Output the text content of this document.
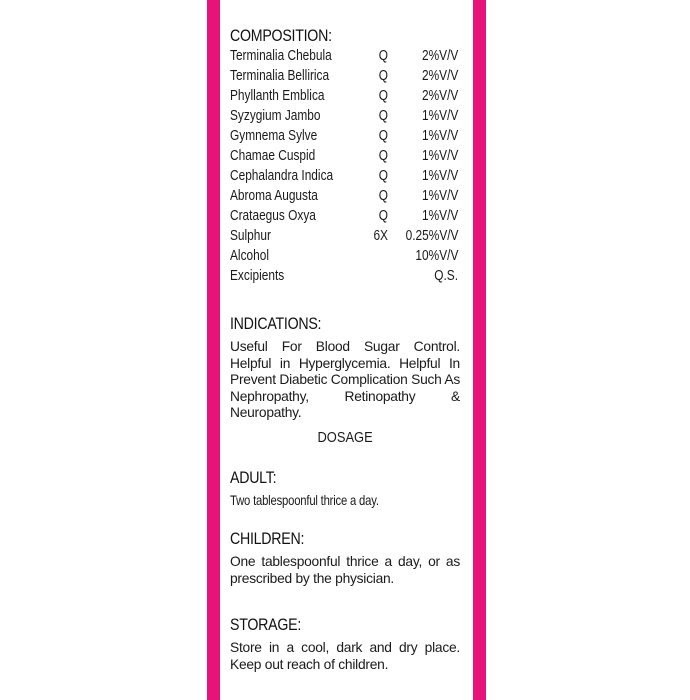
COMPOSITION:
Terminalia Chebula	Q 2%V/V
Terminalia Bellirica	Q 2%V/V
Phyllanth Emblica	Q 2%V/V
Syzygium Jambo	Q 1%V/V
Gymnema Sylve	Q 1%V/V
Chamae Cuspid	Q 1%V/V
Cephalandra Indica	Q 1%V/V
Abroma Augusta	Q 1%V/V
Crataegus Oxya	Q 1%V/V
Sulphur	6X 0.25%V/V
Alcohol	10%V/V
Excipients	Q.S.
INDICATIONS:
Useful For Blood Sugar Control. Helpful in Hyperglycemia. Helpful In Prevent Diabetic Complication Such As Nephropathy, Retinopathy & Neuropathy.
DOSAGE
ADULT:
Two tablespoonful thrice a day.
CHILDREN:
One tablespoonful thrice a day, or as prescribed by the physician.
STORAGE:
Store in a cool, dark and dry place. Keep out reach of children.
